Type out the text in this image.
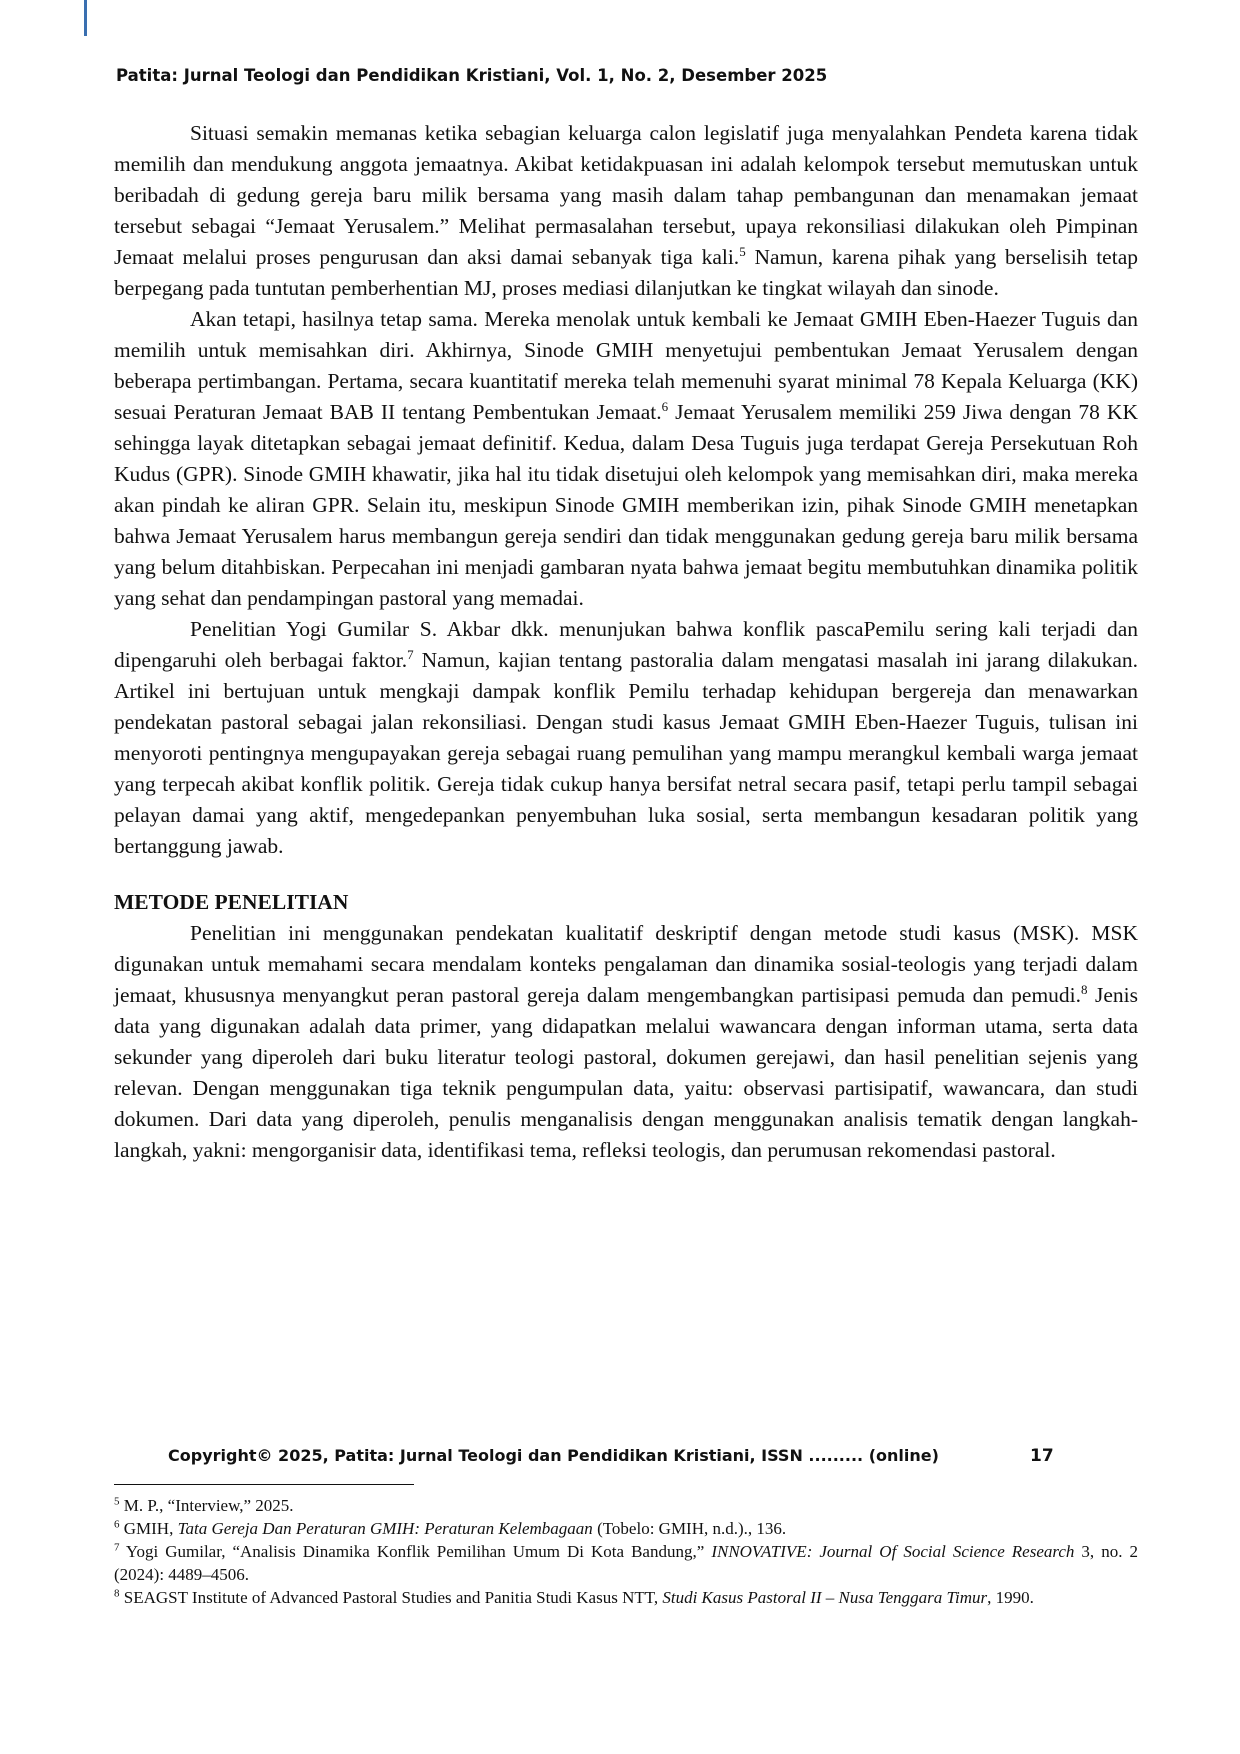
Patita: Jurnal Teologi dan Pendidikan Kristiani, Vol. 1, No. 2, Desember 2025

Situasi semakin memanas ketika sebagian keluarga calon legislatif juga menyalahkan Pendeta karena tidak memilih dan mendukung anggota jemaatnya. Akibat ketidakpuasan ini adalah kelompok tersebut memutuskan untuk beribadah di gedung gereja baru milik bersama yang masih dalam tahap pembangunan dan menamakan jemaat tersebut sebagai “Jemaat Yerusalem.” Melihat permasalahan tersebut, upaya rekonsiliasi dilakukan oleh Pimpinan Jemaat melalui proses pengurusan dan aksi damai sebanyak tiga kali.$^5$ Namun, karena pihak yang berselisih tetap berpegang pada tuntutan pemberhentian MJ, proses mediasi dilanjutkan ke tingkat wilayah dan sinode.

Akan tetapi, hasilnya tetap sama. Mereka menolak untuk kembali ke Jemaat GMIH Eben-Haezer Tuguis dan memilih untuk memisahkan diri. Akhirnya, Sinode GMIH menyetujui pembentukan Jemaat Yerusalem dengan beberapa pertimbangan. Pertama, secara kuantitatif mereka telah memenuhi syarat minimal 78 Kepala Keluarga (KK) sesuai Peraturan Jemaat BAB II tentang Pembentukan Jemaat.$^6$ Jemaat Yerusalem memiliki 259 Jiwa dengan 78 KK sehingga layak ditetapkan sebagai jemaat definitif. Kedua, dalam Desa Tuguis juga terdapat Gereja Persekutuan Roh Kudus (GPR). Sinode GMIH khawatir, jika hal itu tidak disetujui oleh kelompok yang memisahkan diri, maka mereka akan pindah ke aliran GPR. Selain itu, meskipun Sinode GMIH memberikan izin, pihak Sinode GMIH menetapkan bahwa Jemaat Yerusalem harus membangun gereja sendiri dan tidak menggunakan gedung gereja baru milik bersama yang belum ditahbiskan. Perpecahan ini menjadi gambaran nyata bahwa jemaat begitu membutuhkan dinamika politik yang sehat dan pendampingan pastoral yang memadai.

Penelitian Yogi Gumilar S. Akbar dkk. menunjukan bahwa konflik pascaPemilu sering kali terjadi dan dipengaruhi oleh berbagai faktor.$^7$ Namun, kajian tentang pastoralia dalam mengatasi masalah ini jarang dilakukan. Artikel ini bertujuan untuk mengkaji dampak konflik Pemilu terhadap kehidupan bergereja dan menawarkan pendekatan pastoral sebagai jalan rekonsiliasi. Dengan studi kasus Jemaat GMIH Eben-Haezer Tuguis, tulisan ini menyoroti pentingnya mengupayakan gereja sebagai ruang pemulihan yang mampu merangkul kembali warga jemaat yang terpecah akibat konflik politik. Gereja tidak cukup hanya bersifat netral secara pasif, tetapi perlu tampil sebagai pelayan damai yang aktif, mengedepankan penyembuhan luka sosial, serta membangun kesadaran politik yang bertanggung jawab.

METODE PENELITIAN

Penelitian ini menggunakan pendekatan kualitatif deskriptif dengan metode studi kasus (MSK). MSK digunakan untuk memahami secara mendalam konteks pengalaman dan dinamika sosial-teologis yang terjadi dalam jemaat, khususnya menyangkut peran pastoral gereja dalam mengembangkan partisipasi pemuda dan pemudi.$^8$ Jenis data yang digunakan adalah data primer, yang didapatkan melalui wawancara dengan informan utama, serta data sekunder yang diperoleh dari buku literatur teologi pastoral, dokumen gerejawi, dan hasil penelitian sejenis yang relevan. Dengan menggunakan tiga teknik pengumpulan data, yaitu: observasi partisipatif, wawancara, dan studi dokumen. Dari data yang diperoleh, penulis menganalisis dengan menggunakan analisis tematik dengan langkah-langkah, yakni: mengorganisir data, identifikasi tema, refleksi teologis, dan perumusan rekomendasi pastoral.

Copyright© 2025, Patita: Jurnal Teologi dan Pendidikan Kristiani, ISSN ......... (online)	17

$^5$ M. P., “Interview,” 2025.

$^6$ GMIH, Tata Gereja Dan Peraturan GMIH: Peraturan Kelembagaan (Tobelo: GMIH, n.d.)., 136.

$^7$ Yogi Gumilar, “Analisis Dinamika Konflik Pemilihan Umum Di Kota Bandung,” INNOVATIVE: Journal Of Social Science Research 3, no. 2 (2024): 4489–4506.

$^8$ SEAGST Institute of Advanced Pastoral Studies and Panitia Studi Kasus NTT, Studi Kasus Pastoral II – Nusa Tenggara Timur, 1990.
